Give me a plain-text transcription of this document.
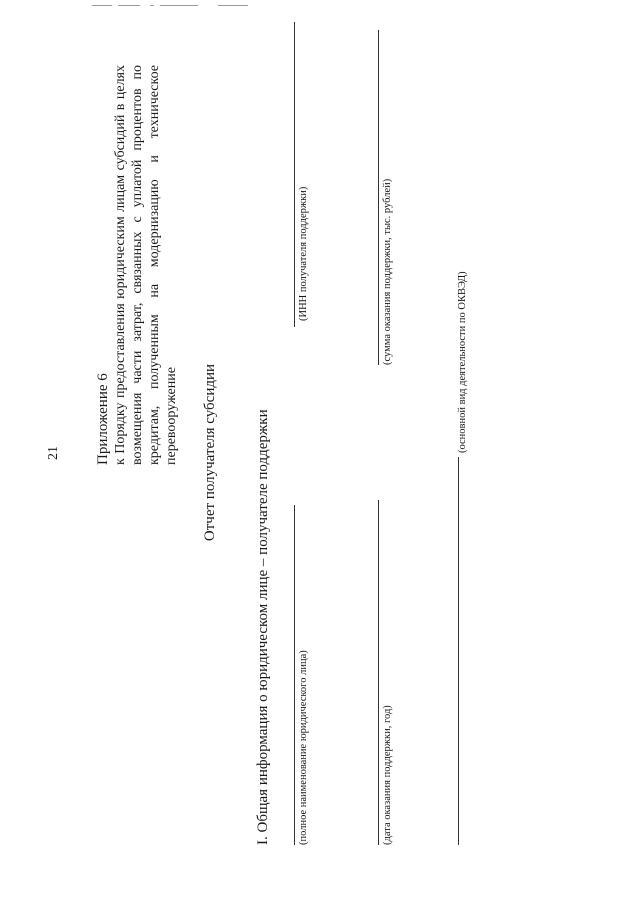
21 Приложение 6 к Порядку предоставления юридическим лицам субсидий в целях возмещения части затрат, связанных с уплатой процентов по кредитам, полученным на модернизацию и техническое перевооружение Отчет получателя субсидии I. Общая информация о юридическом лице – получателе поддержки	(полное наименование юридического лица)
(ИНН получателя поддержки)
(дата оказания поддержки, год)
(сумма оказания поддержки, тыс. рублей)	(основной вид деятельности по ОКВЭД)
